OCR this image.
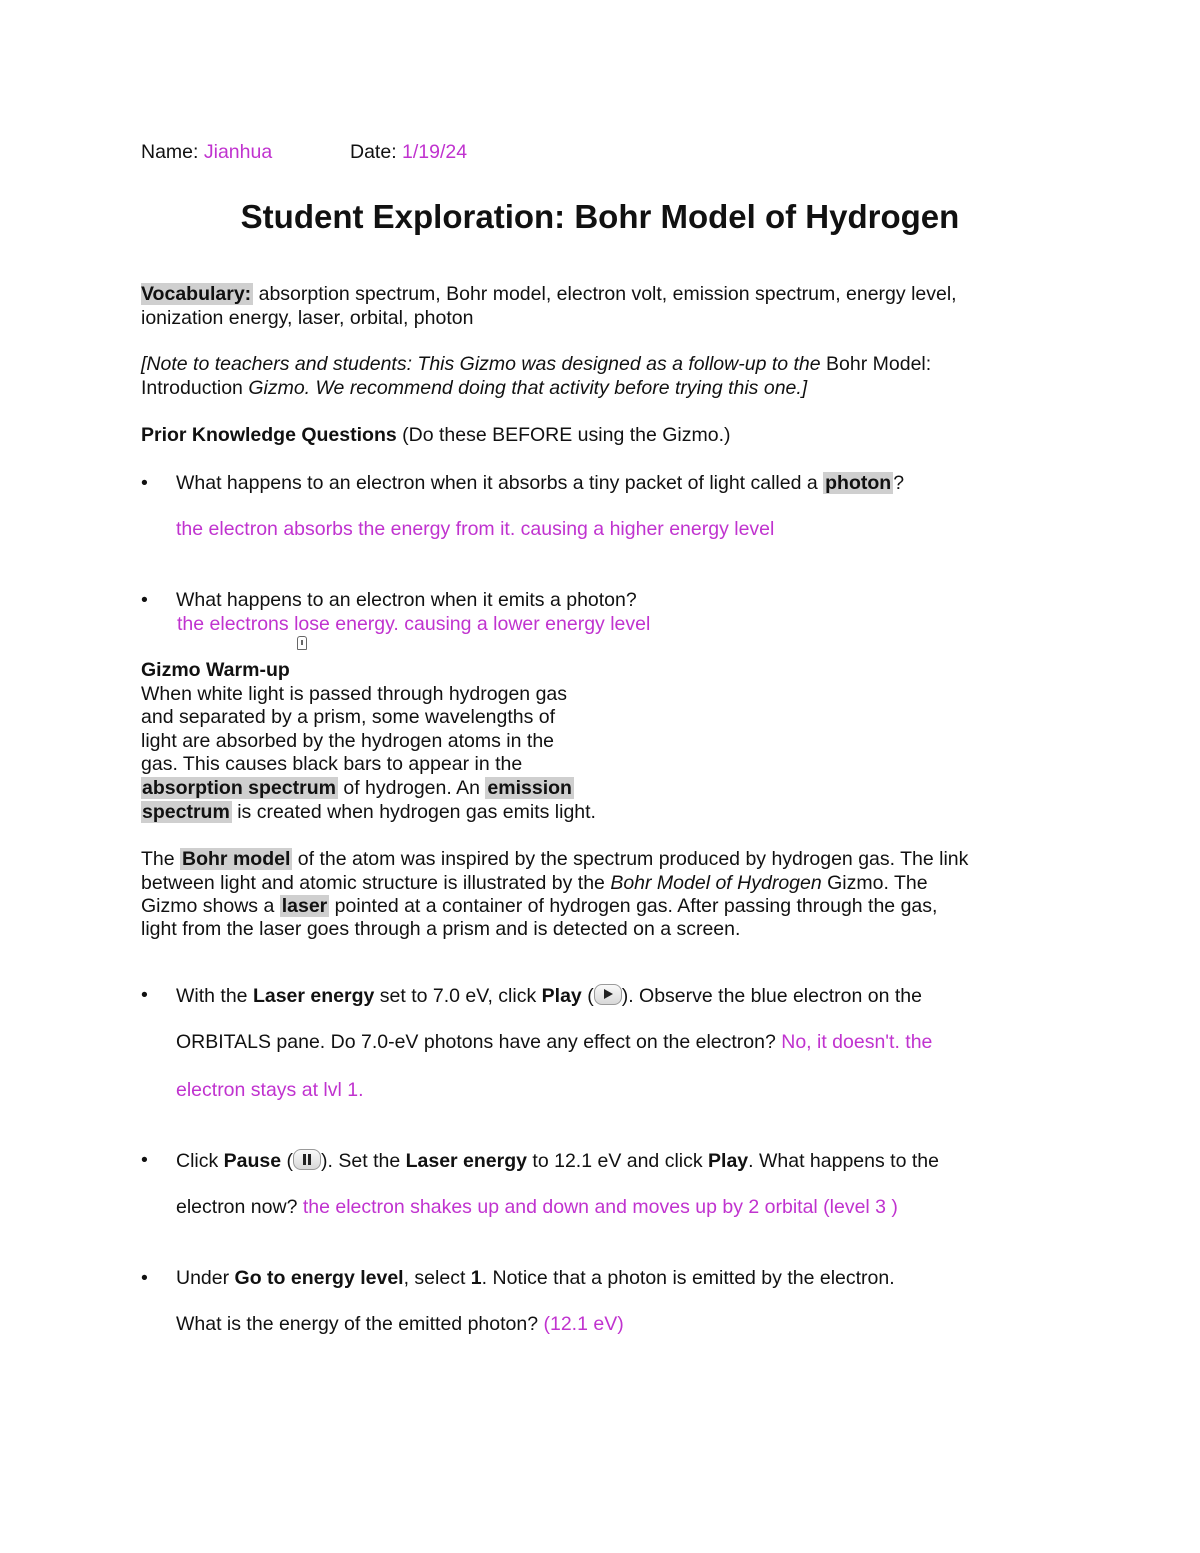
Name: Jianhua	Date: 1/19/24
Student Exploration: Bohr Model of Hydrogen
Vocabulary: absorption spectrum, Bohr model, electron volt, emission spectrum, energy level,
ionization energy, laser, orbital, photon
[Note to teachers and students: This Gizmo was designed as a follow-up to the Bohr Model:
Introduction Gizmo. We recommend doing that activity before trying this one.]
Prior Knowledge Questions (Do these BEFORE using the Gizmo.)
• What happens to an electron when it absorbs a tiny packet of light called a photon ?
the electron absorbs the energy from it. causing a higher energy level
• What happens to an electron when it emits a photon?
the electrons lose energy. causing a lower energy level
Gizmo Warm-up
When white light is passed through hydrogen gas
and separated by a prism, some wavelengths of
light are absorbed by the hydrogen atoms in the
gas. This causes black bars to appear in the
absorption spectrum of hydrogen. An emission
spectrum is created when hydrogen gas emits light.
The Bohr model of the atom was inspired by the spectrum produced by hydrogen gas. The link
between light and atomic structure is illustrated by the Bohr Model of Hydrogen Gizmo. The
Gizmo shows a laser pointed at a container of hydrogen gas. After passing through the gas,
light from the laser goes through a prism and is detected on a screen.
• With the Laser energy set to 7.0 eV, click Play ( ). Observe the blue electron on the
ORBITALS pane. Do 7.0-eV photons have any effect on the electron? No, it doesn't. the
electron stays at lvl 1.
• Click Pause ( ). Set the Laser energy to 12.1 eV and click Play. What happens to the
electron now? the electron shakes up and down and moves up by 2 orbital (level 3 )
• Under Go to energy level, select 1. Notice that a photon is emitted by the electron.
What is the energy of the emitted photon? (12.1 eV)
